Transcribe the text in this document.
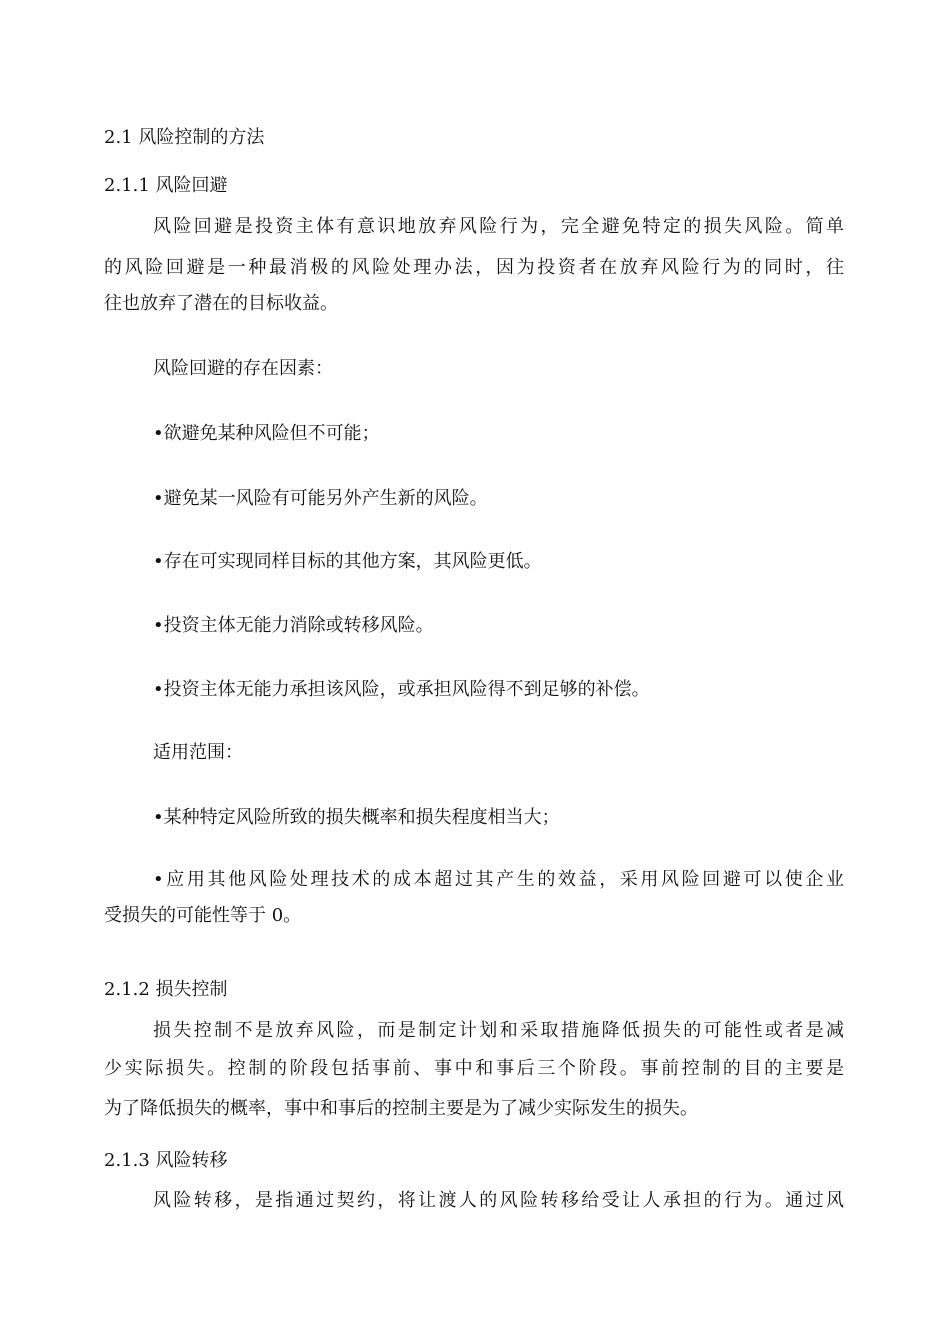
2.1 风险控制的方法
2.1.1 风险回避
风险回避是投资主体有意识地放弃风险行为，完全避免特定的损失风险。简单
的风险回避是一种最消极的风险处理办法，因为投资者在放弃风险行为的同时，往
往也放弃了潜在的目标收益。
风险回避的存在因素：
•欲避免某种风险但不可能；
•避免某一风险有可能另外产生新的风险。
•存在可实现同样目标的其他方案，其风险更低。
•投资主体无能力消除或转移风险。
•投资主体无能力承担该风险，或承担风险得不到足够的补偿。
适用范围：
•某种特定风险所致的损失概率和损失程度相当大；
•应用其他风险处理技术的成本超过其产生的效益，采用风险回避可以使企业
受损失的可能性等于 0。
2.1.2 损失控制
损失控制不是放弃风险，而是制定计划和采取措施降低损失的可能性或者是减
少实际损失。控制的阶段包括事前、事中和事后三个阶段。事前控制的目的主要是
为了降低损失的概率，事中和事后的控制主要是为了减少实际发生的损失。
2.1.3 风险转移
风险转移，是指通过契约，将让渡人的风险转移给受让人承担的行为。通过风
